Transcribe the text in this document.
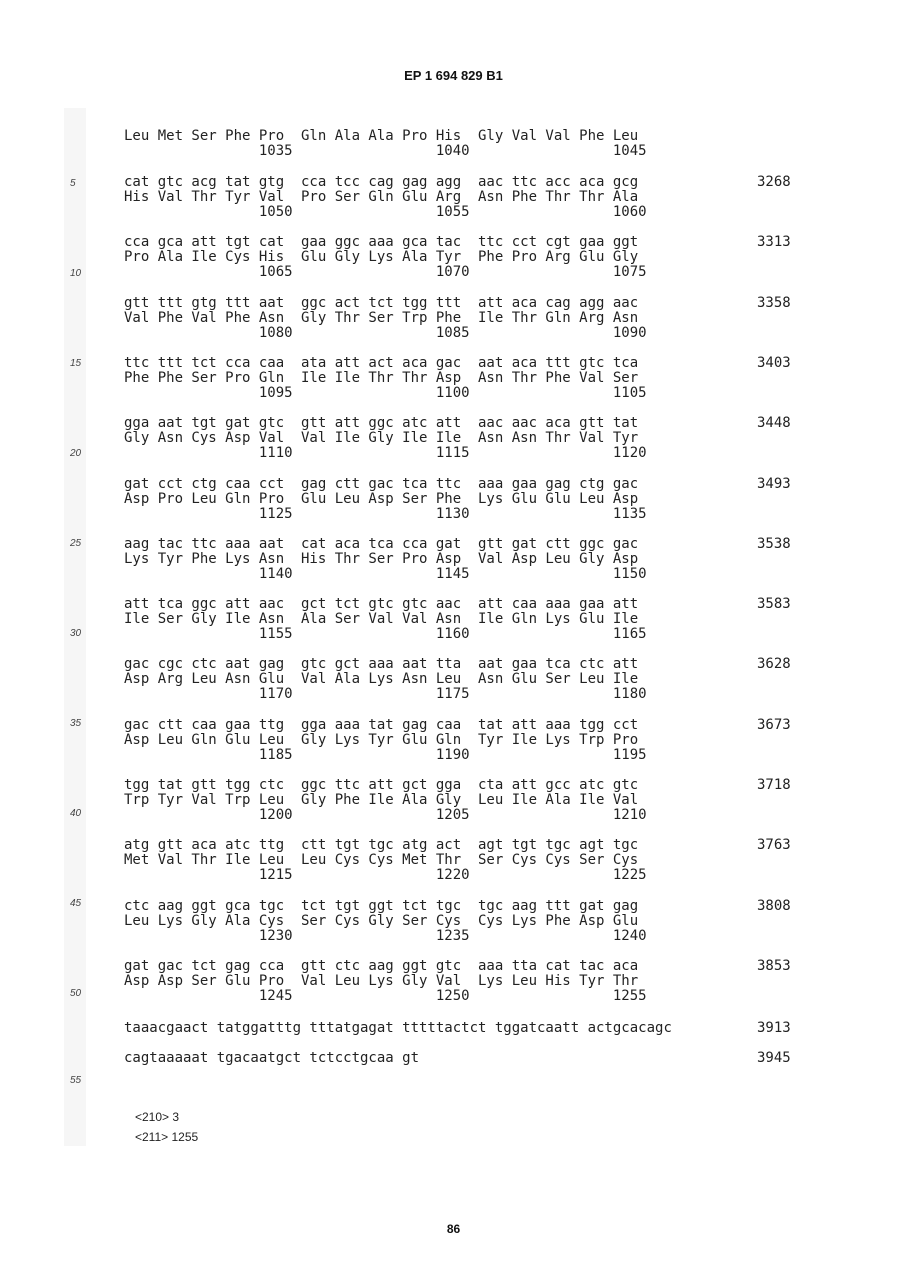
EP 1 694 829 B1
5
10
15
20
25
30
35
40
45
50
55
Leu Met Ser Phe Pro  Gln Ala Ala Pro His  Gly Val Val Phe Leu
1035                 1040                 1045
cat gtc acg tat gtg  cca tcc cag gag agg  aac ttc acc aca gcg
His Val Thr Tyr Val  Pro Ser Gln Glu Arg  Asn Phe Thr Thr Ala
1050                 1055                 1060
3268
cca gca att tgt cat  gaa ggc aaa gca tac  ttc cct cgt gaa ggt
Pro Ala Ile Cys His  Glu Gly Lys Ala Tyr  Phe Pro Arg Glu Gly
1065                 1070                 1075
3313
gtt ttt gtg ttt aat  ggc act tct tgg ttt  att aca cag agg aac
Val Phe Val Phe Asn  Gly Thr Ser Trp Phe  Ile Thr Gln Arg Asn
1080                 1085                 1090
3358
ttc ttt tct cca caa  ata att act aca gac  aat aca ttt gtc tca
Phe Phe Ser Pro Gln  Ile Ile Thr Thr Asp  Asn Thr Phe Val Ser
1095                 1100                 1105
3403
gga aat tgt gat gtc  gtt att ggc atc att  aac aac aca gtt tat
Gly Asn Cys Asp Val  Val Ile Gly Ile Ile  Asn Asn Thr Val Tyr
1110                 1115                 1120
3448
gat cct ctg caa cct  gag ctt gac tca ttc  aaa gaa gag ctg gac
Asp Pro Leu Gln Pro  Glu Leu Asp Ser Phe  Lys Glu Glu Leu Asp
1125                 1130                 1135
3493
aag tac ttc aaa aat  cat aca tca cca gat  gtt gat ctt ggc gac
Lys Tyr Phe Lys Asn  His Thr Ser Pro Asp  Val Asp Leu Gly Asp
1140                 1145                 1150
3538
att tca ggc att aac  gct tct gtc gtc aac  att caa aaa gaa att
Ile Ser Gly Ile Asn  Ala Ser Val Val Asn  Ile Gln Lys Glu Ile
1155                 1160                 1165
3583
gac cgc ctc aat gag  gtc gct aaa aat tta  aat gaa tca ctc att
Asp Arg Leu Asn Glu  Val Ala Lys Asn Leu  Asn Glu Ser Leu Ile
1170                 1175                 1180
3628
gac ctt caa gaa ttg  gga aaa tat gag caa  tat att aaa tgg cct
Asp Leu Gln Glu Leu  Gly Lys Tyr Glu Gln  Tyr Ile Lys Trp Pro
1185                 1190                 1195
3673
tgg tat gtt tgg ctc  ggc ttc att gct gga  cta att gcc atc gtc
Trp Tyr Val Trp Leu  Gly Phe Ile Ala Gly  Leu Ile Ala Ile Val
1200                 1205                 1210
3718
atg gtt aca atc ttg  ctt tgt tgc atg act  agt tgt tgc agt tgc
Met Val Thr Ile Leu  Leu Cys Cys Met Thr  Ser Cys Cys Ser Cys
1215                 1220                 1225
3763
ctc aag ggt gca tgc  tct tgt ggt tct tgc  tgc aag ttt gat gag
Leu Lys Gly Ala Cys  Ser Cys Gly Ser Cys  Cys Lys Phe Asp Glu
1230                 1235                 1240
3808
gat gac tct gag cca  gtt ctc aag ggt gtc  aaa tta cat tac aca
Asp Asp Ser Glu Pro  Val Leu Lys Gly Val  Lys Leu His Tyr Thr
1245                 1250                 1255
3853
taaacgaact tatggatttg tttatgagat tttttactct tggatcaatt actgcacagc	3913
cagtaaaaat tgacaatgct tctcctgcaa gt	3945
<210> 3
<211> 1255
86
